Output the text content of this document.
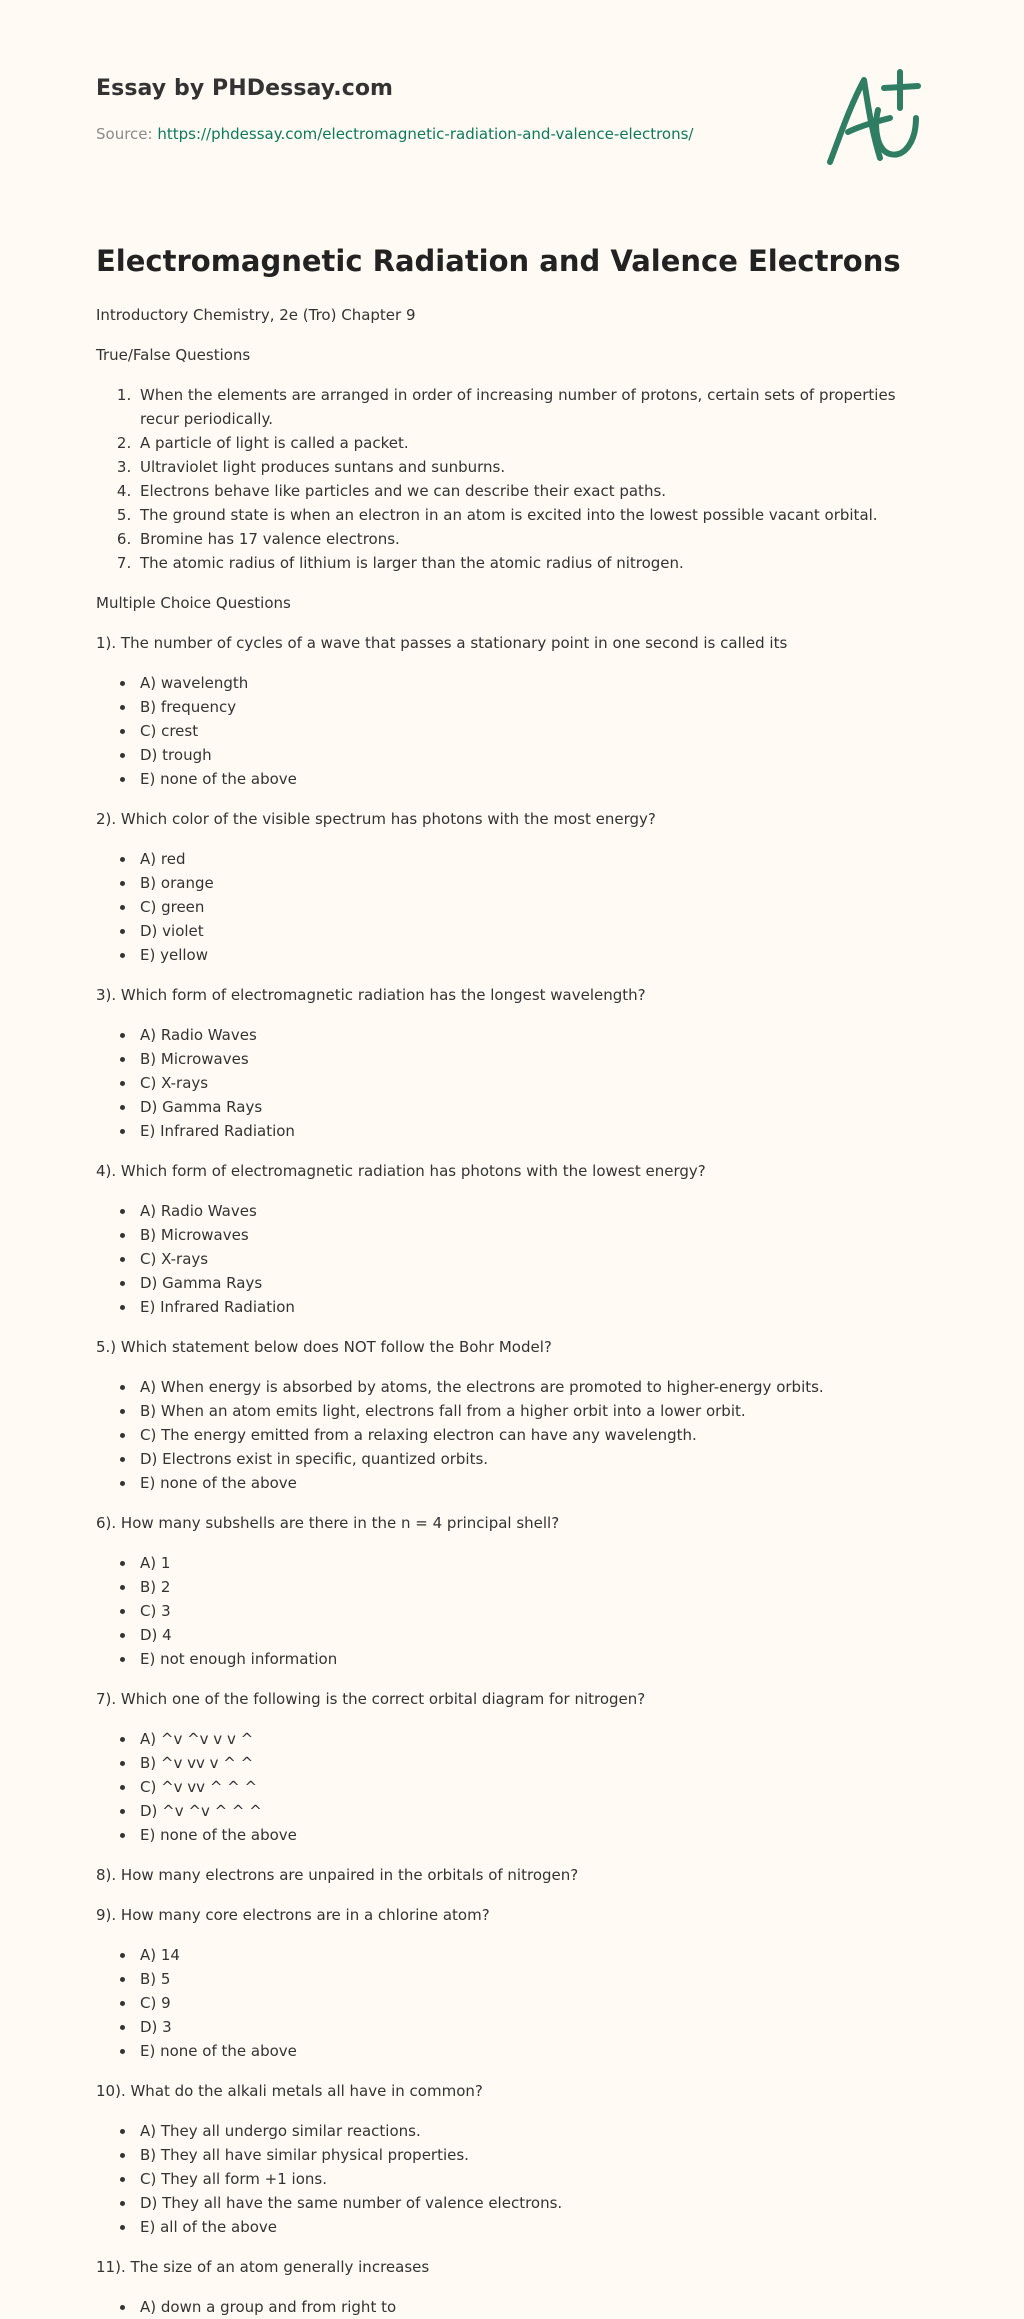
Essay by PHDessay.com
Source: https://phdessay.com/electromagnetic-radiation-and-valence-electrons/
Electromagnetic Radiation and Valence Electrons

Introductory Chemistry, 2e (Tro) Chapter 9

True/False Questions

1. When the elements are arranged in order of increasing number of protons, certain sets of properties recur periodically.
2. A particle of light is called a packet.
3. Ultraviolet light produces suntans and sunburns.
4. Electrons behave like particles and we can describe their exact paths.
5. The ground state is when an electron in an atom is excited into the lowest possible vacant orbital.
6. Bromine has 17 valence electrons.
7. The atomic radius of lithium is larger than the atomic radius of nitrogen.

Multiple Choice Questions

1). The number of cycles of a wave that passes a stationary point in one second is called its

• A) wavelength
• B) frequency
• C) crest
• D) trough
• E) none of the above

2). Which color of the visible spectrum has photons with the most energy?

• A) red
• B) orange
• C) green
• D) violet
• E) yellow

3). Which form of electromagnetic radiation has the longest wavelength?

• A) Radio Waves
• B) Microwaves
• C) X-rays
• D) Gamma Rays
• E) Infrared Radiation

4). Which form of electromagnetic radiation has photons with the lowest energy?

• A) Radio Waves
• B) Microwaves
• C) X-rays
• D) Gamma Rays
• E) Infrared Radiation

5.) Which statement below does NOT follow the Bohr Model?

• A) When energy is absorbed by atoms, the electrons are promoted to higher-energy orbits.
• B) When an atom emits light, electrons fall from a higher orbit into a lower orbit.
• C) The energy emitted from a relaxing electron can have any wavelength.
• D) Electrons exist in specific, quantized orbits.
• E) none of the above

6). How many subshells are there in the n = 4 principal shell?

• A) 1
• B) 2
• C) 3
• D) 4
• E) not enough information

7). Which one of the following is the correct orbital diagram for nitrogen?

• A) ^v ^v v v ^
• B) ^v vv v ^ ^
• C) ^v vv ^ ^ ^
• D) ^v ^v ^ ^ ^
• E) none of the above

8). How many electrons are unpaired in the orbitals of nitrogen?

9). How many core electrons are in a chlorine atom?

• A) 14
• B) 5
• C) 9
• D) 3
• E) none of the above

10). What do the alkali metals all have in common?

• A) They all undergo similar reactions.
• B) They all have similar physical properties.
• C) They all form +1 ions.
• D) They all have the same number of valence electrons.
• E) all of the above

11). The size of an atom generally increases

• A) down a group and from right to
